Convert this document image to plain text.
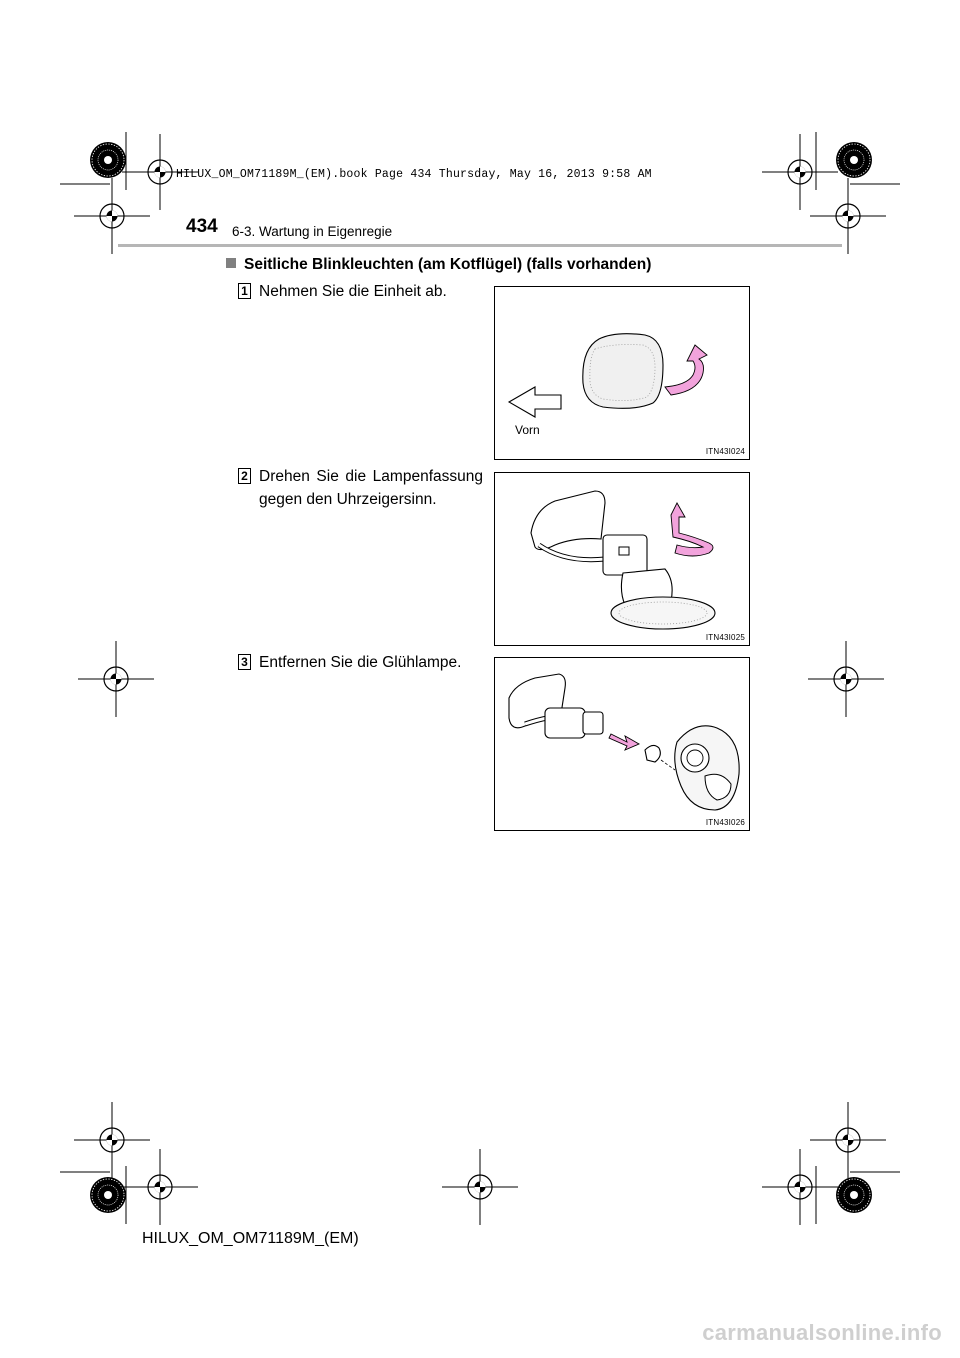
HILUX_OM_OM71189M_(EM).book Page 434 Thursday, May 16, 2013 9:58 AM
434 6-3. Wartung in Eigenregie
Seitliche Blinkleuchten (am Kotflügel) (falls vorhanden)
1 Nehmen Sie die Einheit ab.
Vorn
ITN43I024
2 Drehen Sie die Lampenfassung gegen den Uhrzeigersinn.
ITN43I025
3 Entfernen Sie die Glühlampe.
ITN43I026
HILUX_OM_OM71189M_(EM)
carmanualsonline.info
